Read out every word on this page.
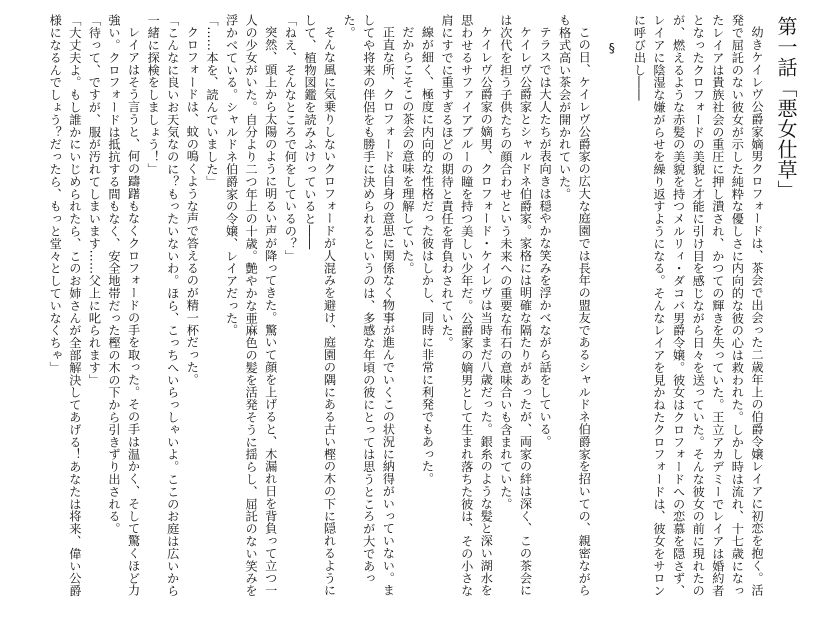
第一話「悪女仕草」

幼きケイレヴ公爵家嫡男クロフォードは、茶会で出会った二歳年上の伯爵令嬢レイアに初恋を抱く。活発で屈託のない彼女が示した純粋な優しさに内向的な彼の心は救われた。しかし時は流れ、十七歳になったレイアは貴族社会の重圧に押し潰され、かつての輝きを失っていた。王立アカデミーでレイアは婚約者となったクロフォードの美貌と才能に引け目を感じながら日々を送っていた。そんな彼女の前に現れたのが、燃えるような赤髪の美貌を持つメルリィ・ダコバ男爵令嬢。彼女はクロフォードへの恋慕を隠さず、レイアに陰湿な嫌がらせを繰り返すようになる。そんなレイアを見かねたクロフォードは、彼女をサロンに呼び出し――

§

この日、ケイレヴ公爵家の広大な庭園では長年の盟友であるシャルドネ伯爵家を招いての、親密ながらも格式高い茶会が開かれていた。

テラスでは大人たちが表向きは穏やかな笑みを浮かべながら話をしている。

ケイレヴ公爵家とシャルドネ伯爵家。家格には明確な隔たりがあったが、両家の絆は深く、この茶会には次代を担う子供たちの顔合わせという未来への重要な布石の意味合いも含まれていた。

ケイレヴ公爵家の嫡男、クロフォード・ケイレヴは当時まだ八歳だった。銀糸のような髪と深い湖水を思わせるサファイアブルーの瞳を持つ美しい少年だ。公爵家の嫡男として生まれ落ちた彼は、その小さな肩にすでに重すぎるほどの期待と責任を背負わされていた。

線が細く、極度に内向的な性格だった彼はしかし、同時に非常に利発でもあった。

だからこそこの茶会の意味を理解していた。

正直な所、クロフォードは自身の意思に関係なく物事が進んでいくこの状況に納得がいっていない。ましてや将来の伴侶をも勝手に決められるというのは、多感な年頃の彼にとっては思うところが大であった。

そんな風に気乗りしないクロフォードが人混みを避け、庭園の隅にある古い樫の木の下に隠れるようにして、植物図鑑を読みふけっていると――

「ねえ、そんなところで何をしているの？」

突然、頭上から太陽のように明るい声が降ってきた。驚いて顔を上げると、木漏れ日を背負って立つ一人の少女がいた。自分より二つ年上の十歳。艶やかな亜麻色の髪を活発そうに揺らし、屈託のない笑みを浮かべている。シャルドネ伯爵家の令嬢、レイアだった。

「……本を、読んでいました」

クロフォードは、蚊の鳴くような声で答えるのが精一杯だった。

「こんなに良いお天気なのに？もったいないわ。ほら、こっちへいらっしゃいよ。ここのお庭は広いから一緒に探検をしましょう！」

レイアはそう言うと、何の躊躇もなくクロフォードの手を取った。その手は温かく、そして驚くほど力強い。クロフォードは抵抗する間もなく、安全地帯だった樫の木の下から引きずり出される。

「待って、ですが、服が汚れてしまいます……父上に叱られます」

「大丈夫よ。もし誰かにいじめられたら、このお姉さんが全部解決してあげる！あなたは将来、偉い公爵様になるんでしょう？だったら、もっと堂々としていなくちゃ」
